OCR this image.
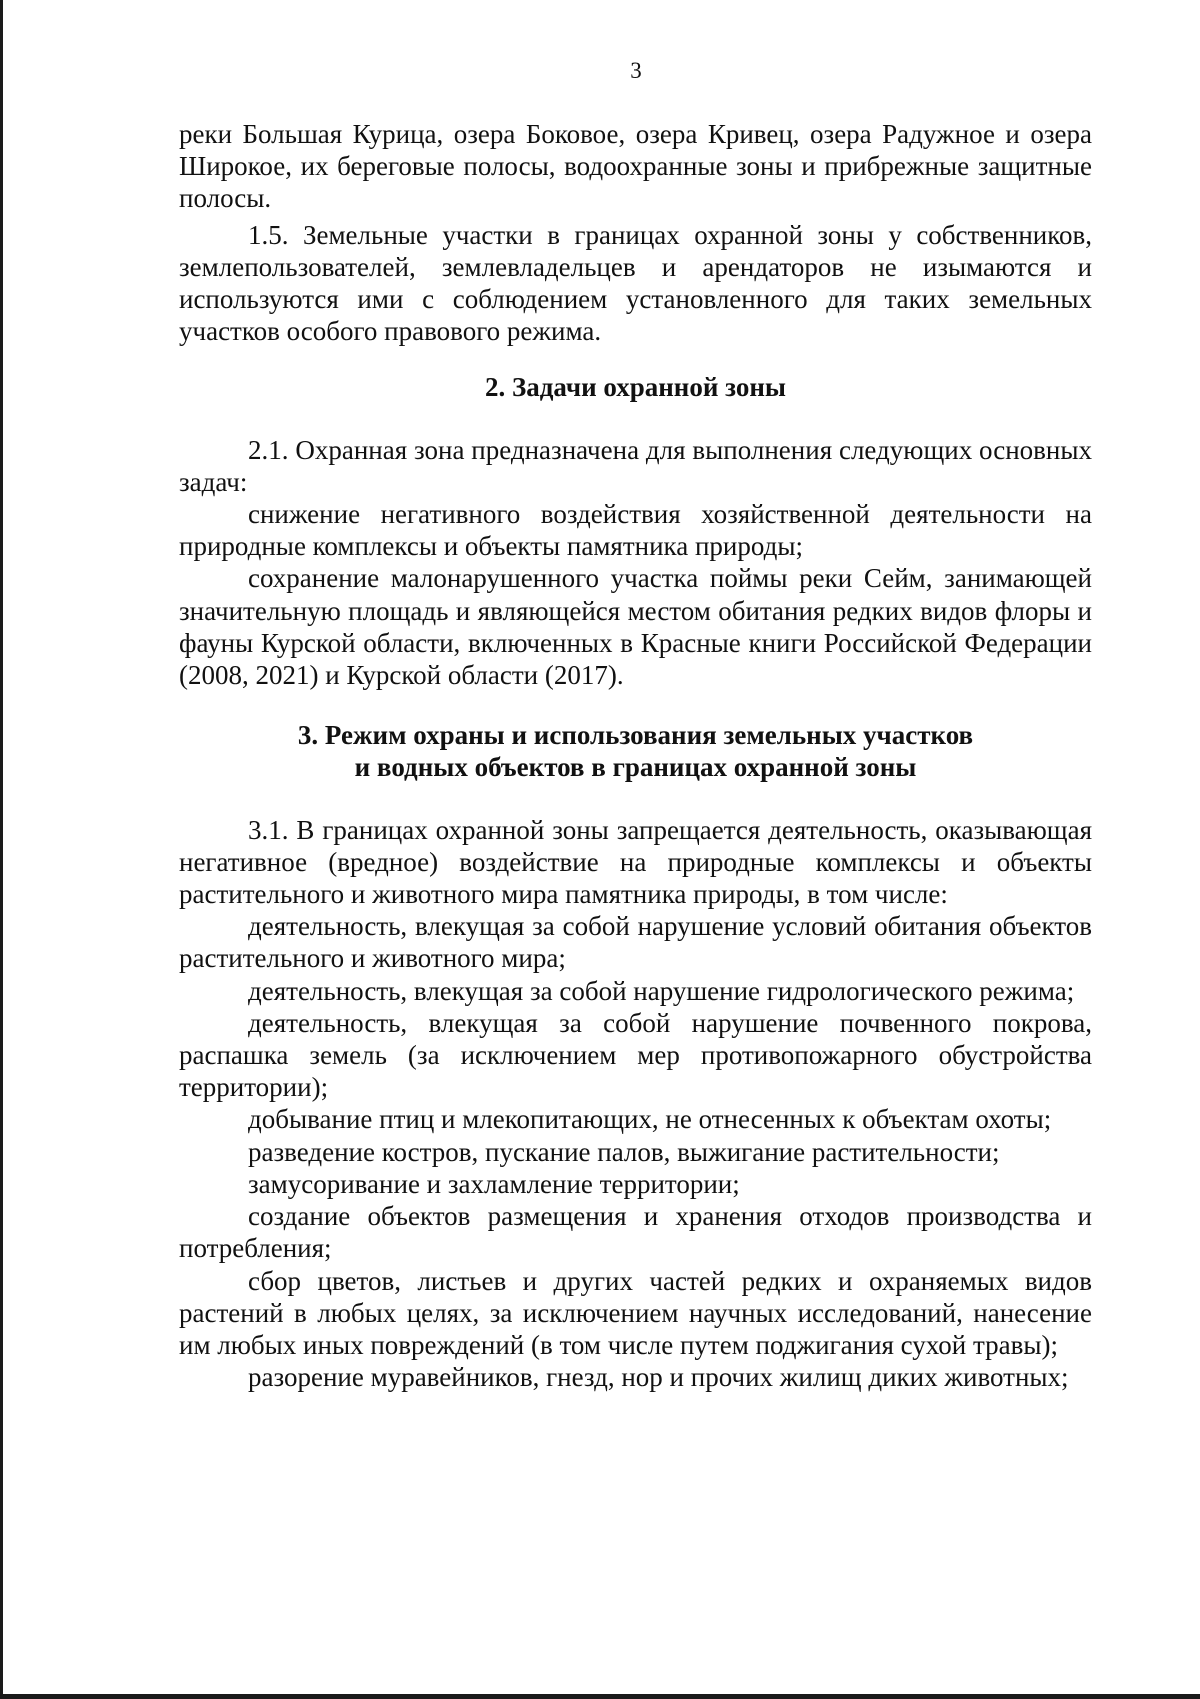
3

реки Большая Курица, озера Боковое, озера Кривец, озера Радужное и озера Широкое, их береговые полосы, водоохранные зоны и прибрежные защитные полосы.

1.5. Земельные участки в границах охранной зоны у собственников, землепользователей, землевладельцев и арендаторов не изымаются и используются ими с соблюдением установленного для таких земельных участков особого правового режима.

2. Задачи охранной зоны

2.1. Охранная зона предназначена для выполнения следующих основных задач:

снижение негативного воздействия хозяйственной деятельности на природные комплексы и объекты памятника природы;

сохранение малонарушенного участка поймы реки Сейм, занимающей значительную площадь и являющейся местом обитания редких видов флоры и фауны Курской области, включенных в Красные книги Российской Федерации (2008, 2021) и Курской области (2017).

3. Режим охраны и использования земельных участков
и водных объектов в границах охранной зоны

3.1. В границах охранной зоны запрещается деятельность, оказывающая негативное (вредное) воздействие на природные комплексы и объекты растительного и животного мира памятника природы, в том числе:

деятельность, влекущая за собой нарушение условий обитания объектов растительного и животного мира;

деятельность, влекущая за собой нарушение гидрологического режима;

деятельность, влекущая за собой нарушение почвенного покрова, распашка земель (за исключением мер противопожарного обустройства территории);

добывание птиц и млекопитающих, не отнесенных к объектам охоты;

разведение костров, пускание палов, выжигание растительности;

замусоривание и захламление территории;

создание объектов размещения и хранения отходов производства и потребления;

сбор цветов, листьев и других частей редких и охраняемых видов растений в любых целях, за исключением научных исследований, нанесение им любых иных повреждений (в том числе путем поджигания сухой травы);

разорение муравейников, гнезд, нор и прочих жилищ диких животных;
